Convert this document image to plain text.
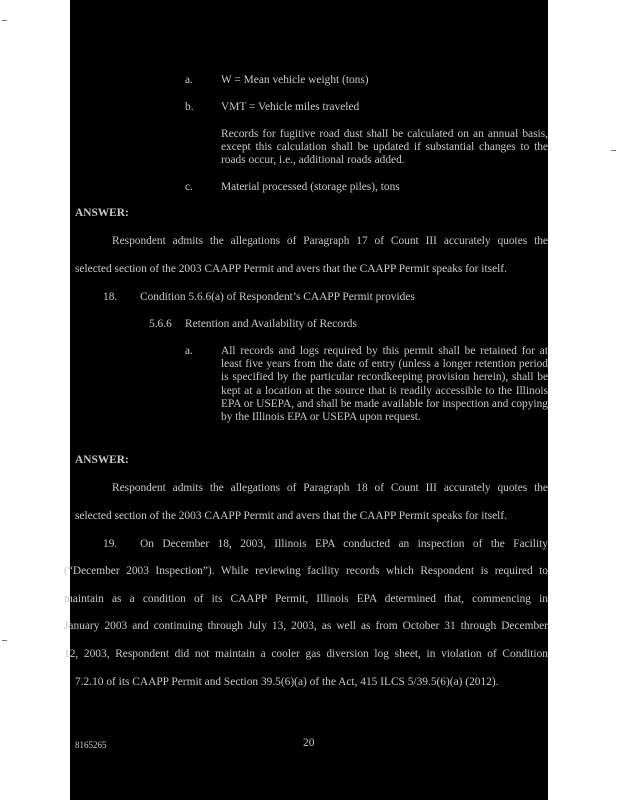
a. W = Mean vehicle weight (tons)
b. VMT = Vehicle miles traveled
Records for fugitive road dust shall be calculated on an annual basis, except this calculation shall be updated if substantial changes to the roads occur, i.e., additional roads added.
c. Material processed (storage piles), tons
ANSWER:
Respondent admits the allegations of Paragraph 17 of Count III accurately quotes the
selected section of the 2003 CAAPP Permit and avers that the CAAPP Permit speaks for itself.
18. Condition 5.6.6(a) of Respondent’s CAAPP Permit provides
5.6.6 Retention and Availability of Records
a. All records and logs required by this permit shall be retained for at least five years from the date of entry (unless a longer retention period is specified by the particular recordkeeping provision herein), shall be kept at a location at the source that is readily accessible to the Illinois EPA or USEPA, and shall be made available for inspection and copying by the Illinois EPA or USEPA upon request.
ANSWER:
Respondent admits the allegations of Paragraph 18 of Count III accurately quotes the
selected section of the 2003 CAAPP Permit and avers that the CAAPP Permit speaks for itself.
19. On December 18, 2003, Illinois EPA conducted an inspection of the Facility
(“December 2003 Inspection”). While reviewing facility records which Respondent is required to
maintain as a condition of its CAAPP Permit, Illinois EPA determined that, commencing in
January 2003 and continuing through July 13, 2003, as well as from October 31 through December
12, 2003, Respondent did not maintain a cooler gas diversion log sheet, in violation of Condition
7.2.10 of its CAAPP Permit and Section 39.5(6)(a) of the Act, 415 ILCS 5/39.5(6)(a) (2012).
8165265	20
